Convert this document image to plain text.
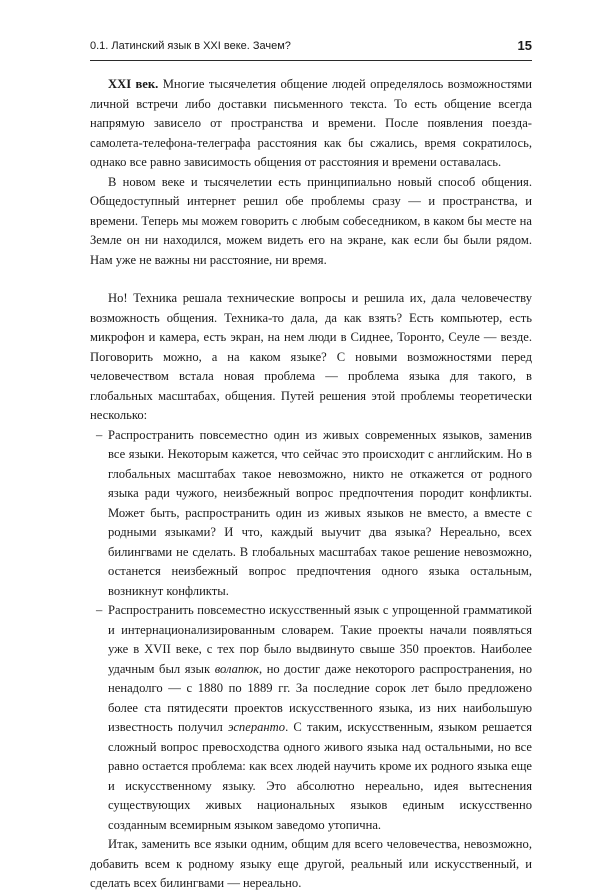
0.1. Латинский язык в XXI веке. Зачем?	15

XXI век. Многие тысячелетия общение людей определялось возможностями личной встречи либо доставки письменного текста. То есть общение всегда напрямую зависело от пространства и времени. После появления поезда-самолета-телефона-телеграфа расстояния как бы сжались, время сократилось, однако все равно зависимость общения от расстояния и времени оставалась.

В новом веке и тысячелетии есть принципиально новый способ общения. Общедоступный интернет решил обе проблемы сразу — и пространства, и времени. Теперь мы можем говорить с любым собеседником, в каком бы месте на Земле он ни находился, можем видеть его на экране, как если бы были рядом. Нам уже не важны ни расстояние, ни время.

Но! Техника решала технические вопросы и решила их, дала человечеству возможность общения. Техника-то дала, да как взять? Есть компьютер, есть микрофон и камера, есть экран, на нем люди в Сиднее, Торонто, Сеуле — везде. Поговорить можно, а на каком языке? С новыми возможностями перед человечеством встала новая проблема — проблема языка для такого, в глобальных масштабах, общения. Путей решения этой проблемы теоретически несколько:

– Распространить повсеместно один из живых современных языков, заменив все языки. Некоторым кажется, что сейчас это происходит с английским. Но в глобальных масштабах такое невозможно, никто не откажется от родного языка ради чужого, неизбежный вопрос предпочтения породит конфликты. Может быть, распространить один из живых языков не вместо, а вместе с родными языками? И что, каждый выучит два языка? Нереально, всех билингвами не сделать. В глобальных масштабах такое решение невозможно, останется неизбежный вопрос предпочтения одного языка остальным, возникнут конфликты.
– Распространить повсеместно искусственный язык с упрощенной грамматикой и интернационализированным словарем. Такие проекты начали появляться уже в XVII веке, с тех пор было выдвинуто свыше 350 проектов. Наиболее удачным был язык волапюк, но достиг даже некоторого распространения, но ненадолго — с 1880 по 1889 гг. За последние сорок лет было предложено более ста пятидесяти проектов искусственного языка, из них наибольшую известность получил эсперанто. С таким, искусственным, языком решается сложный вопрос превосходства одного живого языка над остальными, но все равно остается проблема: как всех людей научить кроме их родного языка еще и искусственному языку. Это абсолютно нереально, идея вытеснения существующих живых национальных языков единым искусственно созданным всемирным языком заведомо утопична.

Итак, заменить все языки одним, общим для всего человечества, невозможно, добавить всем к родному языку еще другой, реальный или искусственный, и сделать всех билингвами — нереально.
